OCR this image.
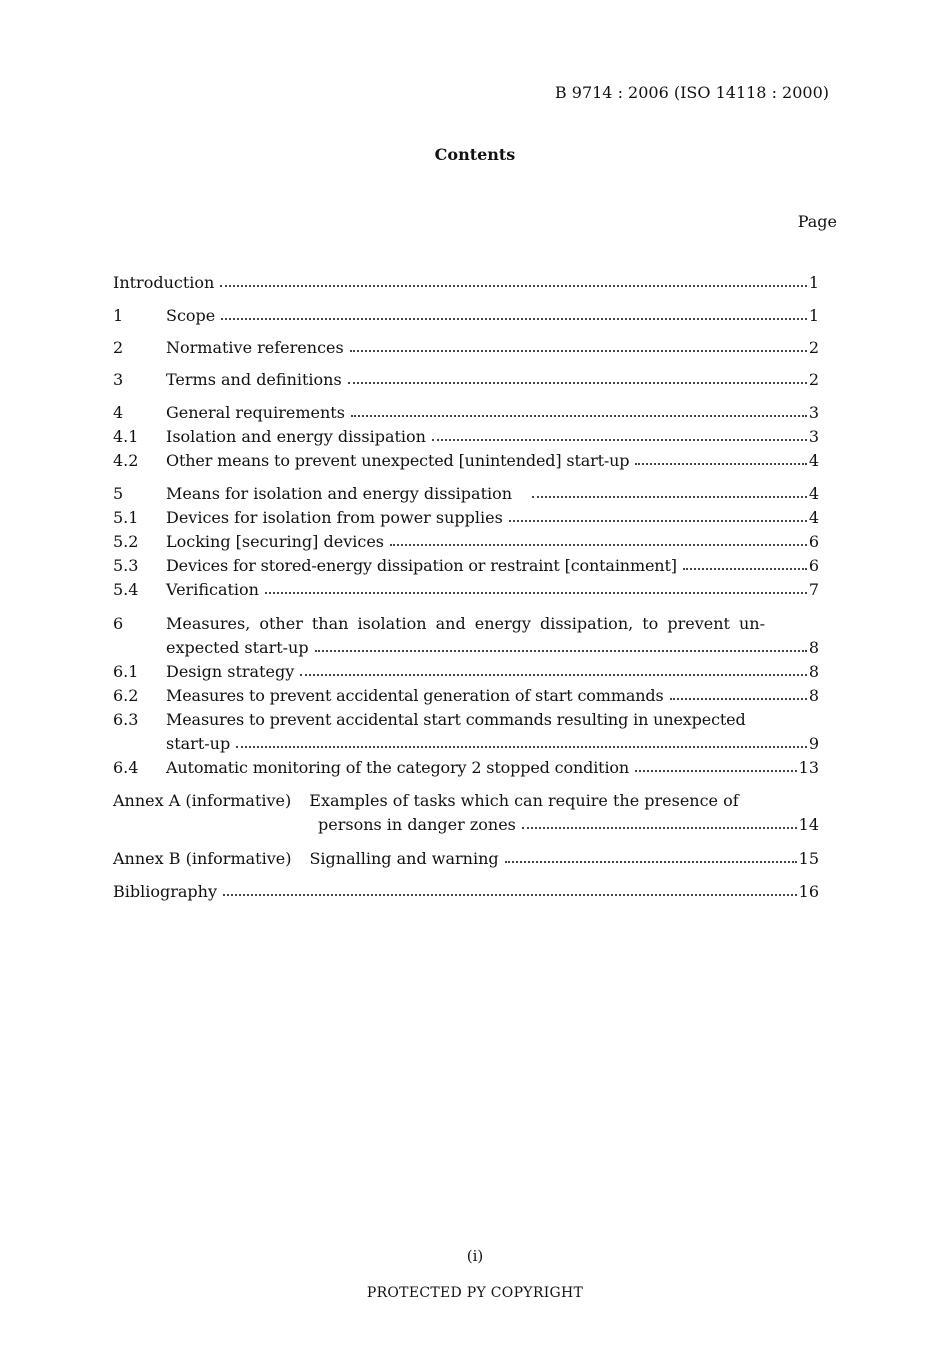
B 9714 : 2006 (ISO 14118 : 2000)
Contents
Page
Introduction	1
1	Scope	1
2	Normative references	2
3	Terms and definitions	2
4	General requirements	3
4.1	Isolation and energy dissipation	3
4.2	Other means to prevent unexpected [unintended] start-up	4
5	Means for isolation and energy dissipation	4
5.1	Devices for isolation from power supplies	4
5.2	Locking [securing] devices	6
5.3	Devices for stored-energy dissipation or restraint [containment]	6
5.4	Verification	7
6	Measures, other than isolation and energy dissipation, to prevent un-
expected start-up	8
6.1	Design strategy	8
6.2	Measures to prevent accidental generation of start commands	8
6.3	Measures to prevent accidental start commands resulting in unexpected
start-up	9
6.4	Automatic monitoring of the category 2 stopped condition	13
Annex A (informative) Examples of tasks which can require the presence of
persons in danger zones	14
Annex B (informative) Signalling and warning	15
Bibliography	16
(i)
PROTECTED PY COPYRIGHT
